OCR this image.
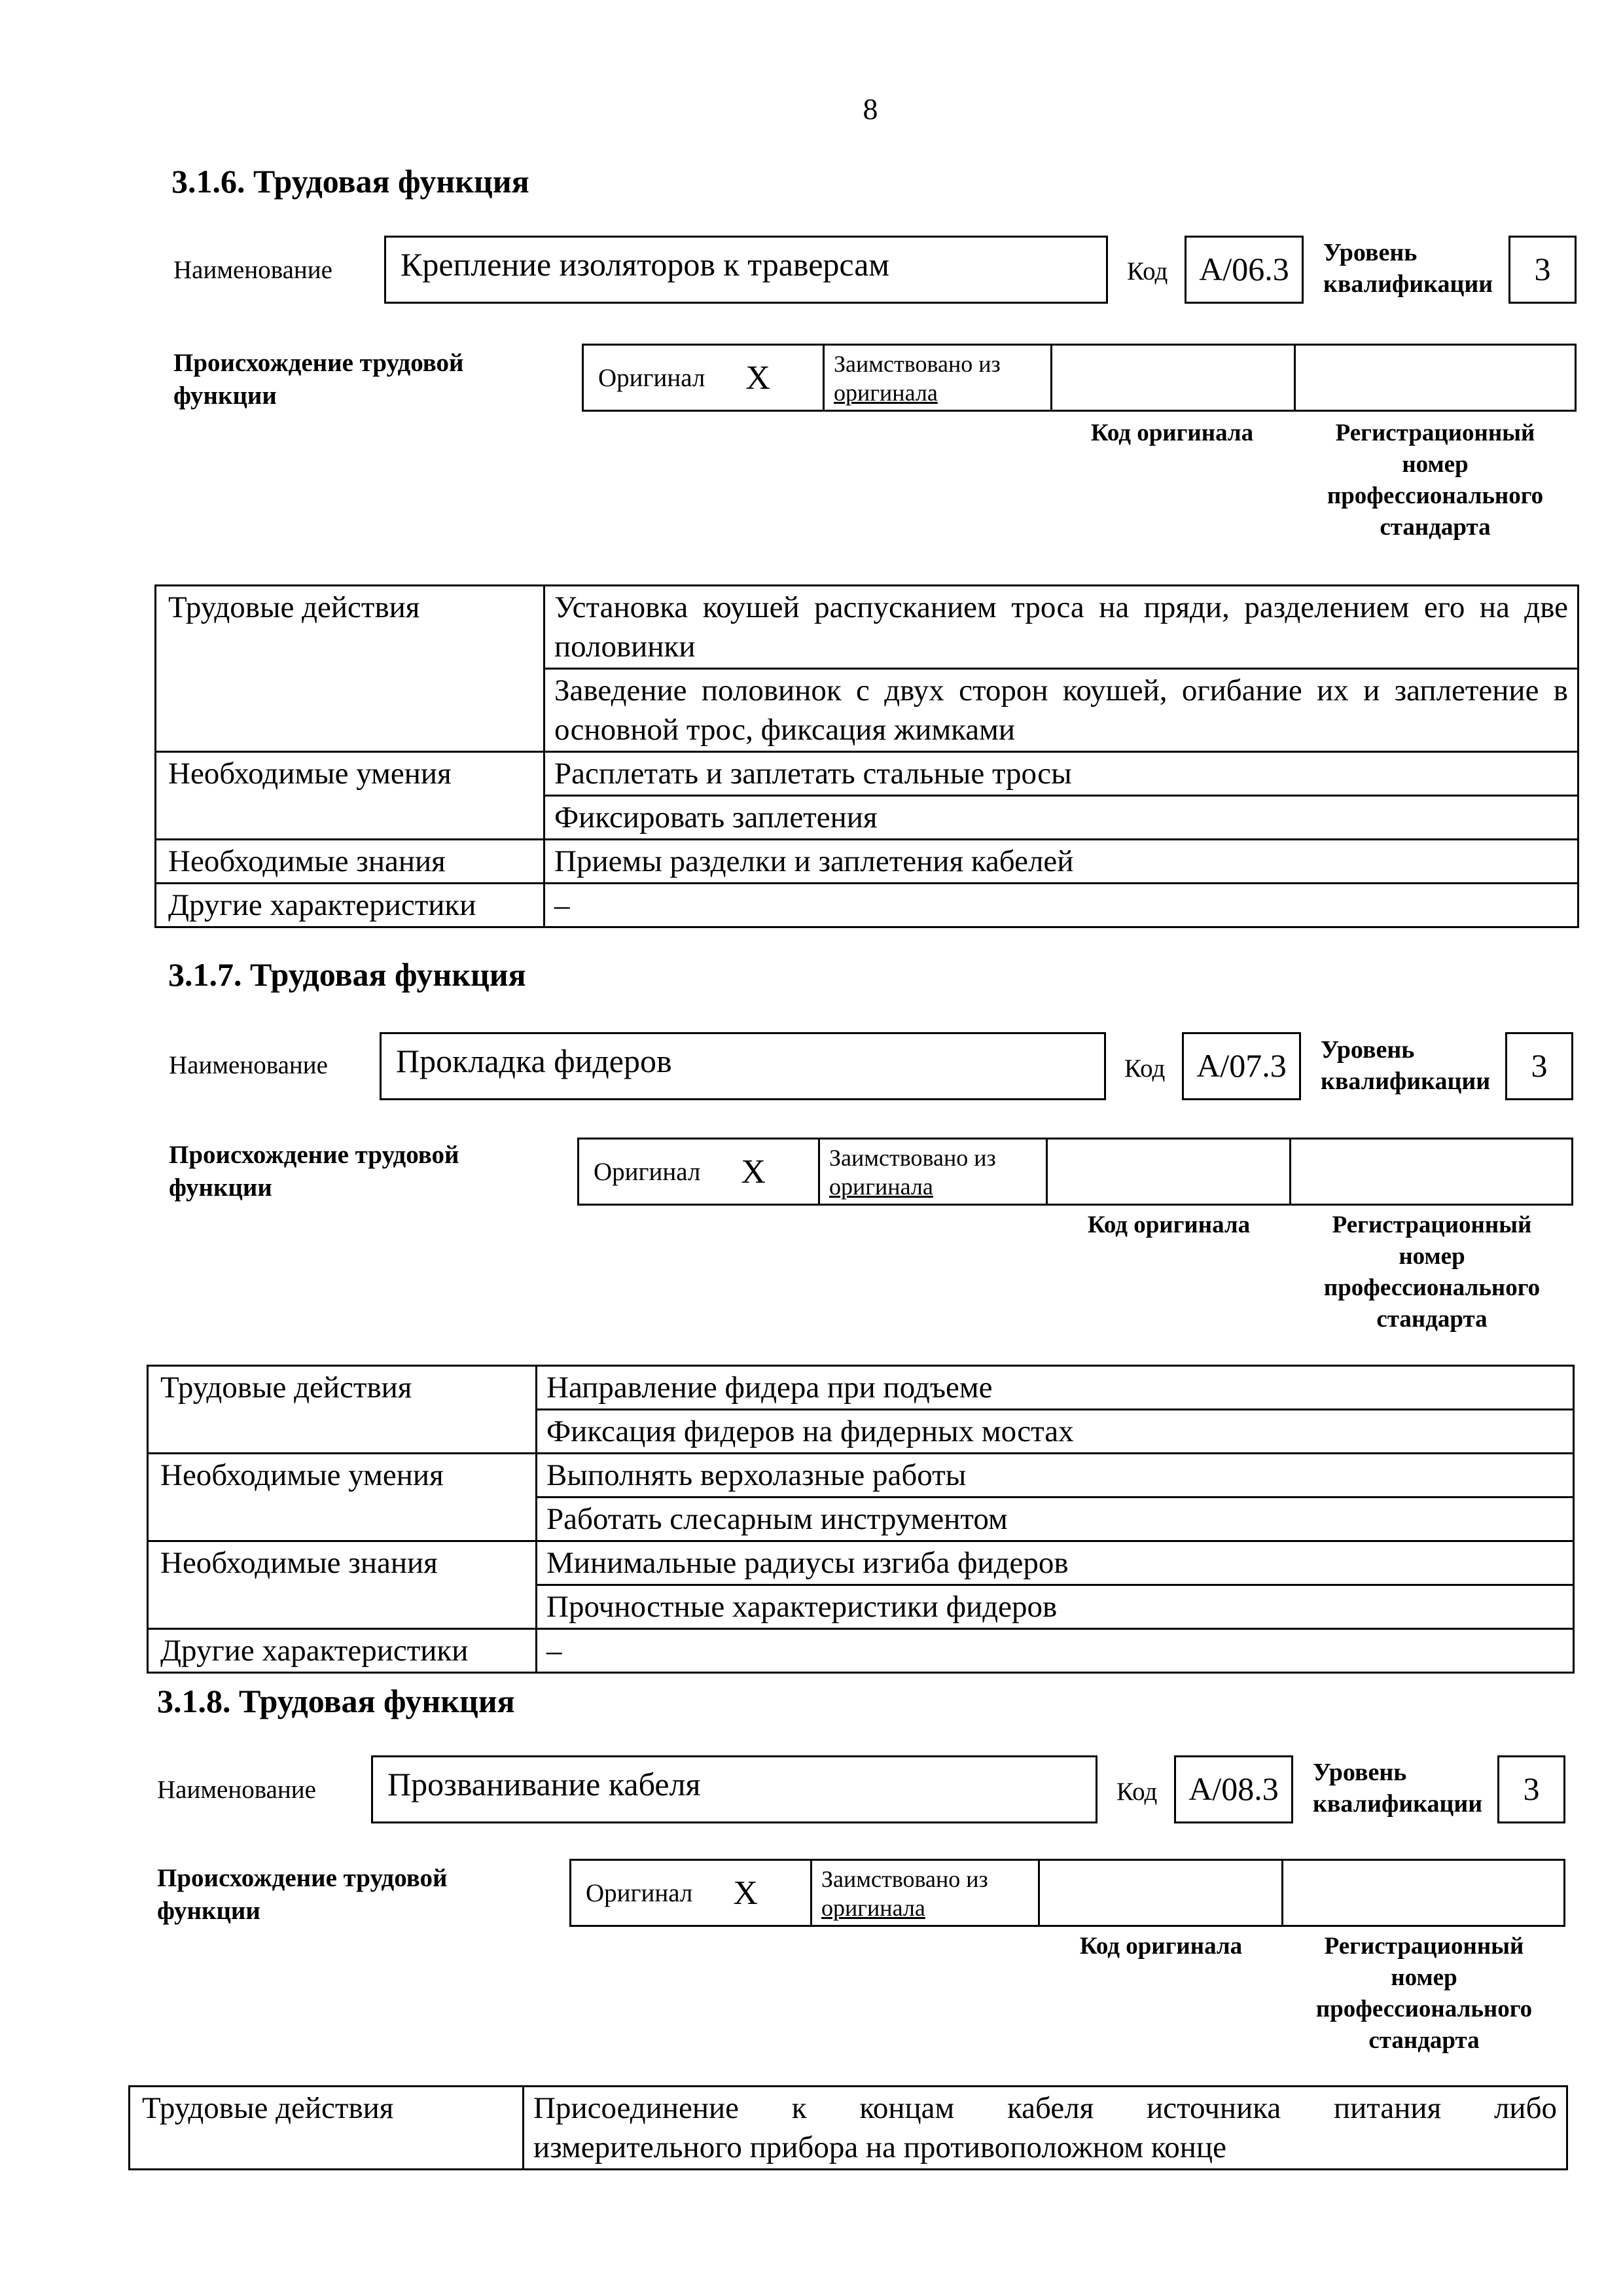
8
3.1.6. Трудовая функция
Наименование	Крепление изоляторов к траверсам	Код A/06.3	Уровень
квалификации	3
Происхождение трудовой
функции
Оригинал X	Заимствовано из
оригинала
Код оригинала	Регистрационный
номер
профессионального
стандарта
Трудовые действия	Установка коушей распусканием троса на пряди, разделением его на две половинки
	Заведение половинок с двух сторон коушей, огибание их и заплетение в основной трос, фиксация жимками
Необходимые умения	Расплетать и заплетать стальные тросы
	Фиксировать заплетения
Необходимые знания	Приемы разделки и заплетения кабелей
Другие характеристики	–
3.1.7. Трудовая функция
Наименование	Прокладка фидеров	Код A/07.3	Уровень
квалификации	3
Происхождение трудовой
функции
Оригинал X	Заимствовано из
оригинала
Код оригинала	Регистрационный
номер
профессионального
стандарта
Трудовые действия	Направление фидера при подъеме
	Фиксация фидеров на фидерных мостах
Необходимые умения	Выполнять верхолазные работы
	Работать слесарным инструментом
Необходимые знания	Минимальные радиусы изгиба фидеров
	Прочностные характеристики фидеров
Другие характеристики	–
3.1.8. Трудовая функция
Наименование	Прозванивание кабеля	Код A/08.3	Уровень
квалификации	3
Происхождение трудовой
функции
Оригинал X	Заимствовано из
оригинала
Код оригинала	Регистрационный
номер
профессионального
стандарта
Трудовые действия	Присоединение к концам кабеля источника питания либо
измерительного прибора на противоположном конце
